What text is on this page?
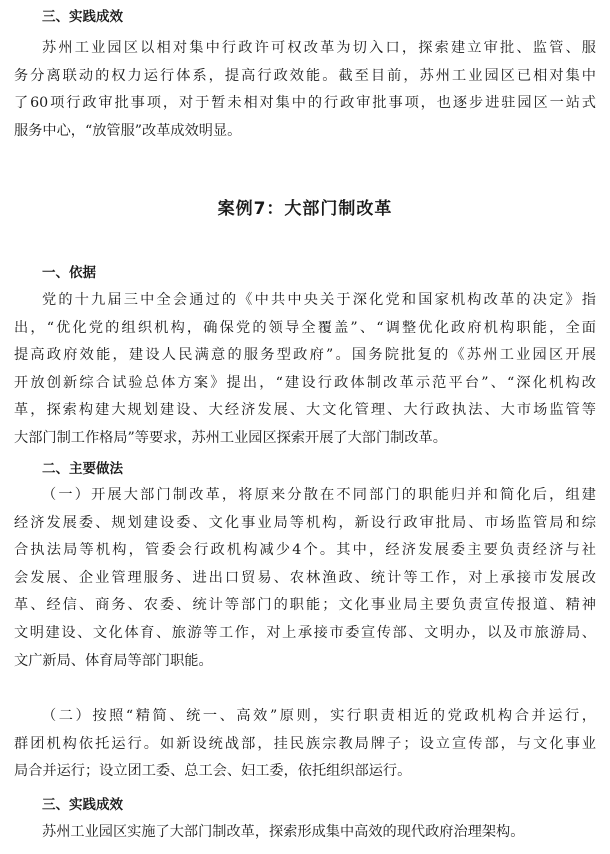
三、实践成效
苏州工业园区以相对集中行政许可权改革为切入口，探索建立审批、监管、服
务分离联动的权力运行体系，提高行政效能。截至目前，苏州工业园区已相对集中
了60项行政审批事项，对于暂未相对集中的行政审批事项，也逐步进驻园区一站式
服务中心，“放管服”改革成效明显。
案例7：大部门制改革
一、依据
党的十九届三中全会通过的《中共中央关于深化党和国家机构改革的决定》指
出，“优化党的组织机构，确保党的领导全覆盖”、“调整优化政府机构职能，全面
提高政府效能，建设人民满意的服务型政府”。国务院批复的《苏州工业园区开展
开放创新综合试验总体方案》提出，“建设行政体制改革示范平台”、“深化机构改
革，探索构建大规划建设、大经济发展、大文化管理、大行政执法、大市场监管等
大部门制工作格局”等要求，苏州工业园区探索开展了大部门制改革。
二、主要做法
（一）开展大部门制改革，将原来分散在不同部门的职能归并和简化后，组建
经济发展委、规划建设委、文化事业局等机构，新设行政审批局、市场监管局和综
合执法局等机构，管委会行政机构减少4个。其中，经济发展委主要负责经济与社
会发展、企业管理服务、进出口贸易、农林渔政、统计等工作，对上承接市发展改
革、经信、商务、农委、统计等部门的职能；文化事业局主要负责宣传报道、精神
文明建设、文化体育、旅游等工作，对上承接市委宣传部、文明办，以及市旅游局、
文广新局、体育局等部门职能。
（二）按照“精简、统一、高效”原则，实行职责相近的党政机构合并运行，
群团机构依托运行。如新设统战部，挂民族宗教局牌子；设立宣传部，与文化事业
局合并运行；设立团工委、总工会、妇工委，依托组织部运行。
三、实践成效
苏州工业园区实施了大部门制改革，探索形成集中高效的现代政府治理架构。
